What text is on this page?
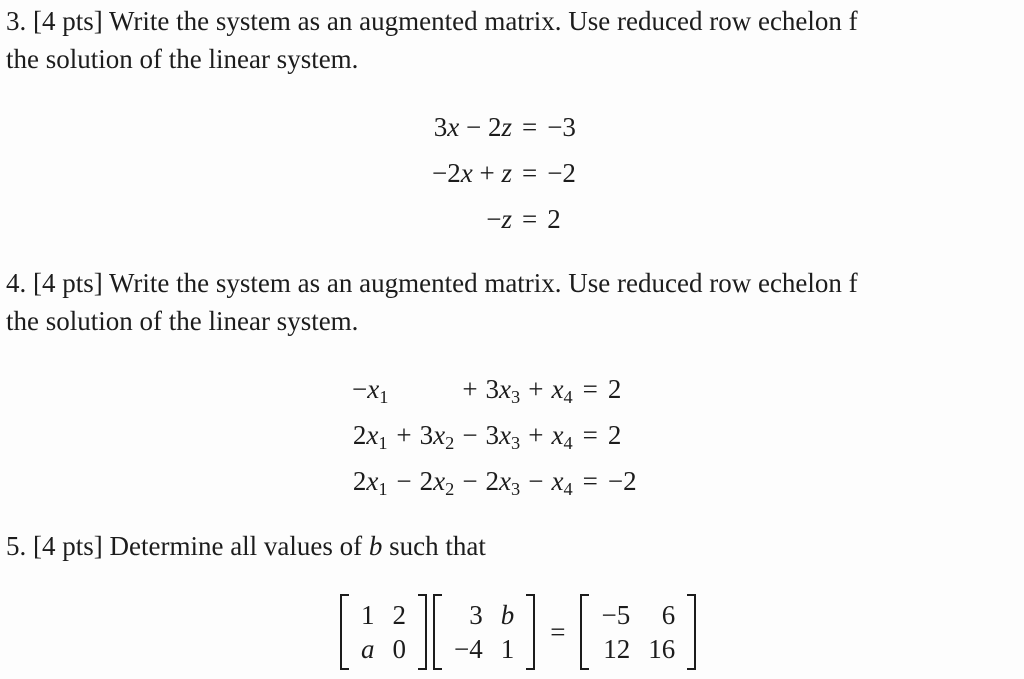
3. [4 pts] Write the system as an augmented matrix. Use reduced row echelon f
the solution of the linear system.
3x − 2z	=	−3
−2x + z	=	−2
−z	=	2
4. [4 pts] Write the system as an augmented matrix. Use reduced row echelon f
the solution of the linear system.
$-x_1$			+	$3x_3$	+	$x_4$	=	2
$2x_1$	+	$3x_2$	−	$3x_3$	+	$x_4$	=	2
$2x_1$	−	$2x_2$	−	$2x_3$	−	$x_4$	=	−2
5. [4 pts] Determine all values of b such that
1 2
a 0
3 b
−4 1
=
−5	6
12 16
